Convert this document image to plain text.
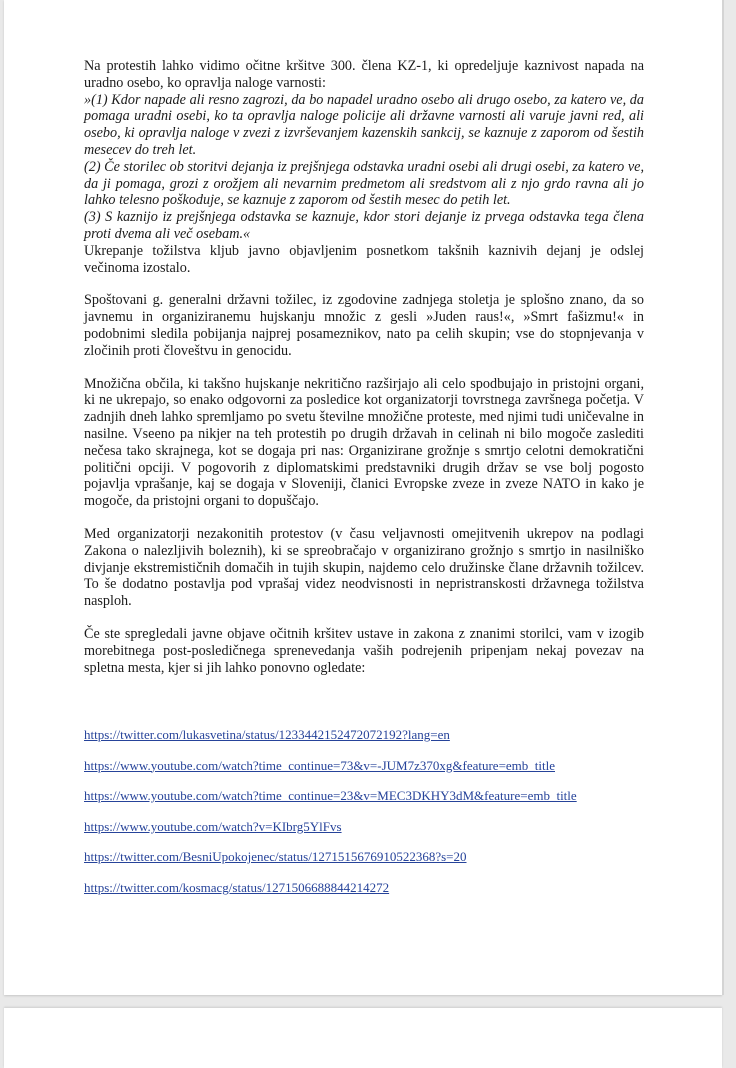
Na protestih lahko vidimo očitne kršitve 300. člena KZ-1, ki opredeljuje kaznivost napada na uradno osebo, ko opravlja naloge varnosti:

»(1) Kdor napade ali resno zagrozi, da bo napadel uradno osebo ali drugo osebo, za katero ve, da pomaga uradni osebi, ko ta opravlja naloge policije ali državne varnosti ali varuje javni red, ali osebo, ki opravlja naloge v zvezi z izvrševanjem kazenskih sankcij, se kaznuje z zaporom od šestih mesecev do treh let.

(2) Če storilec ob storitvi dejanja iz prejšnjega odstavka uradni osebi ali drugi osebi, za katero ve, da ji pomaga, grozi z orožjem ali nevarnim predmetom ali sredstvom ali z njo grdo ravna ali jo lahko telesno poškoduje, se kaznuje z zaporom od šestih mesec do petih let.

(3) S kaznijo iz prejšnjega odstavka se kaznuje, kdor stori dejanje iz prvega odstavka tega člena proti dvema ali več osebam.«

Ukrepanje tožilstva kljub javno objavljenim posnetkom takšnih kaznivih dejanj je odslej večinoma izostalo.

Spoštovani g. generalni državni tožilec, iz zgodovine zadnjega stoletja je splošno znano, da so javnemu in organiziranemu hujskanju množic z gesli »Juden raus!«, »Smrt fašizmu!« in podobnimi sledila pobijanja najprej posameznikov, nato pa celih skupin; vse do stopnjevanja v zločinih proti človeštvu in genocidu.

Množična občila, ki takšno hujskanje nekritično razširjajo ali celo spodbujajo in pristojni organi, ki ne ukrepajo, so enako odgovorni za posledice kot organizatorji tovrstnega završnega početja. V zadnjih dneh lahko spremljamo po svetu številne množične proteste, med njimi tudi uničevalne in nasilne. Vseeno pa nikjer na teh protestih po drugih državah in celinah ni bilo mogoče zaslediti nečesa tako skrajnega, kot se dogaja pri nas: Organizirane grožnje s smrtjo celotni demokratični politični opciji. V pogovorih z diplomatskimi predstavniki drugih držav se vse bolj pogosto pojavlja vprašanje, kaj se dogaja v Sloveniji, članici Evropske zveze in zveze NATO in kako je mogoče, da pristojni organi to dopuščajo.

Med organizatorji nezakonitih protestov (v času veljavnosti omejitvenih ukrepov na podlagi Zakona o nalezljivih boleznih), ki se spreobračajo v organizirano grožnjo s smrtjo in nasilniško divjanje ekstremističnih domačih in tujih skupin, najdemo celo družinske člane državnih tožilcev. To še dodatno postavlja pod vprašaj videz neodvisnosti in nepristranskosti državnega tožilstva nasploh.

Če ste spregledali javne objave očitnih kršitev ustave in zakona z znanimi storilci, vam v izogib morebitnega post-posledičnega sprenevedanja vaših podrejenih pripenjam nekaj povezav na spletna mesta, kjer si jih lahko ponovno ogledate:

https://twitter.com/lukasvetina/status/1233442152472072192?lang=en
https://www.youtube.com/watch?time_continue=73&v=-JUM7z370xg&feature=emb_title
https://www.youtube.com/watch?time_continue=23&v=MEC3DKHY3dM&feature=emb_title
https://www.youtube.com/watch?v=KIbrg5YlFvs
https://twitter.com/BesniUpokojenec/status/1271515676910522368?s=20
https://twitter.com/kosmacg/status/1271506688844214272
